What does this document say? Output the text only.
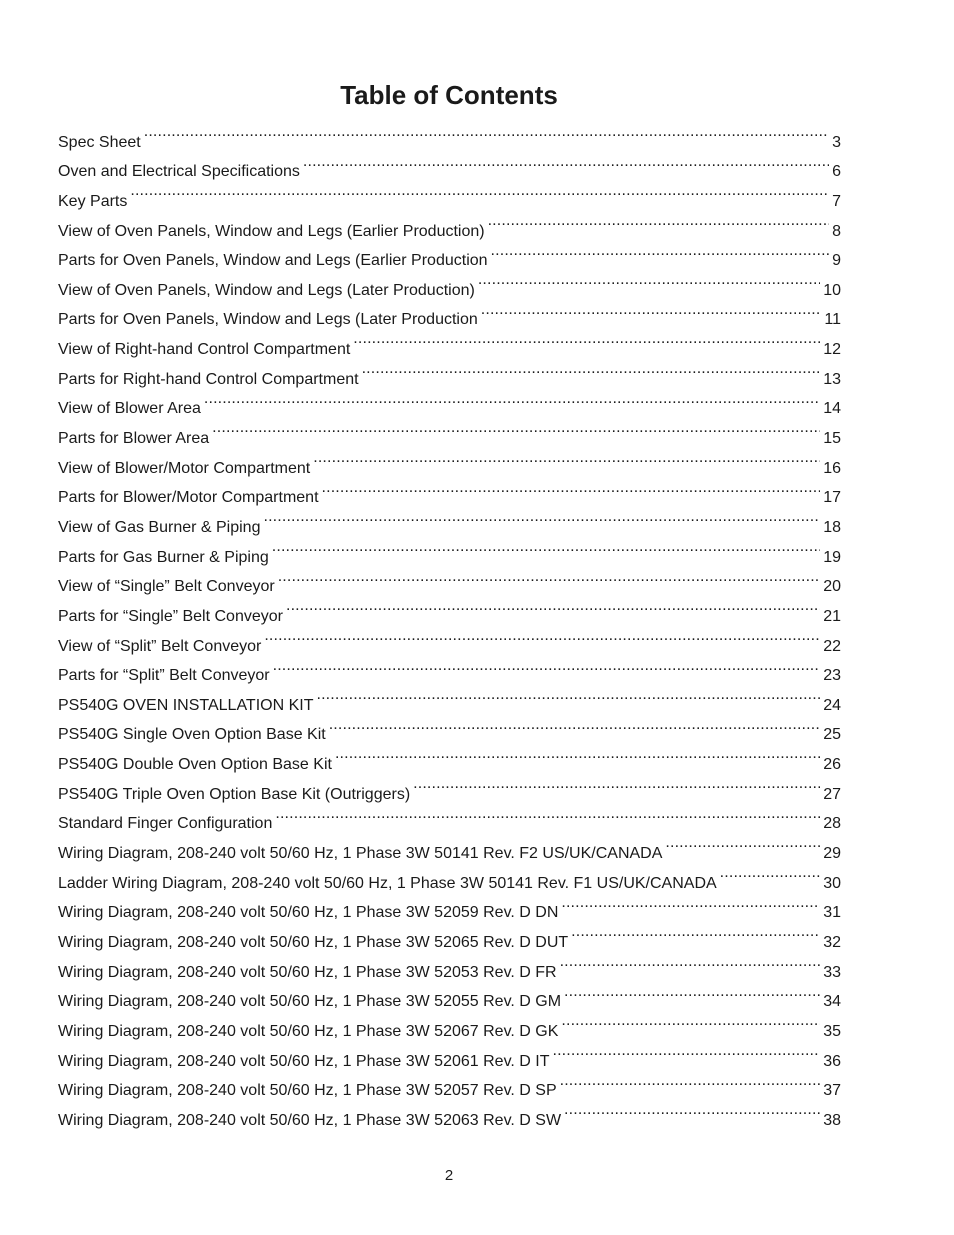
Table of Contents
Spec Sheet . . .	3
Oven and Electrical Specifications . . .	6
Key Parts . . .	7
View of Oven Panels, Window and Legs (Earlier Production) . . .	8
Parts for Oven Panels, Window and Legs (Earlier Production . . .	9
View of Oven Panels, Window and Legs (Later Production) . . .	10
Parts for Oven Panels, Window and Legs (Later Production . . .	11
View of Right-hand Control Compartment . . .	12
Parts for Right-hand Control Compartment . . .	13
View of Blower Area . . .	14
Parts for Blower Area . . .	15
View of Blower/Motor Compartment . . .	16
Parts for Blower/Motor Compartment . . .	17
View of Gas Burner & Piping . . .	18
Parts for Gas Burner & Piping . . .	19
View of “Single” Belt Conveyor . . .	20
Parts for “Single” Belt Conveyor . . .	21
View of “Split” Belt Conveyor . . .	22
Parts for “Split” Belt Conveyor . . .	23
PS540G OVEN INSTALLATION KIT . . .	24
PS540G Single Oven Option Base Kit . . .	25
PS540G Double Oven Option Base Kit . . .	26
PS540G Triple Oven Option Base Kit (Outriggers) . . .	27
Standard Finger Configuration . . .	28
Wiring Diagram, 208-240 volt 50/60 Hz, 1 Phase 3W 50141 Rev. F2 US/UK/CANADA . . .	29
Ladder Wiring Diagram, 208-240 volt 50/60 Hz, 1 Phase 3W 50141 Rev. F1 US/UK/CANADA . . .	30
Wiring Diagram, 208-240 volt 50/60 Hz, 1 Phase 3W 52059 Rev. D DN . . .	31
Wiring Diagram, 208-240 volt 50/60 Hz, 1 Phase 3W 52065 Rev. D DUT . . .	32
Wiring Diagram, 208-240 volt 50/60 Hz, 1 Phase 3W 52053 Rev. D FR . . .	33
Wiring Diagram, 208-240 volt 50/60 Hz, 1 Phase 3W 52055 Rev. D GM . . .	34
Wiring Diagram, 208-240 volt 50/60 Hz, 1 Phase 3W 52067 Rev. D GK . . .	35
Wiring Diagram, 208-240 volt 50/60 Hz, 1 Phase 3W 52061 Rev. D IT . . .	36
Wiring Diagram, 208-240 volt 50/60 Hz, 1 Phase 3W 52057 Rev. D SP . . .	37
Wiring Diagram, 208-240 volt 50/60 Hz, 1 Phase 3W 52063 Rev. D SW . . .	38
2
